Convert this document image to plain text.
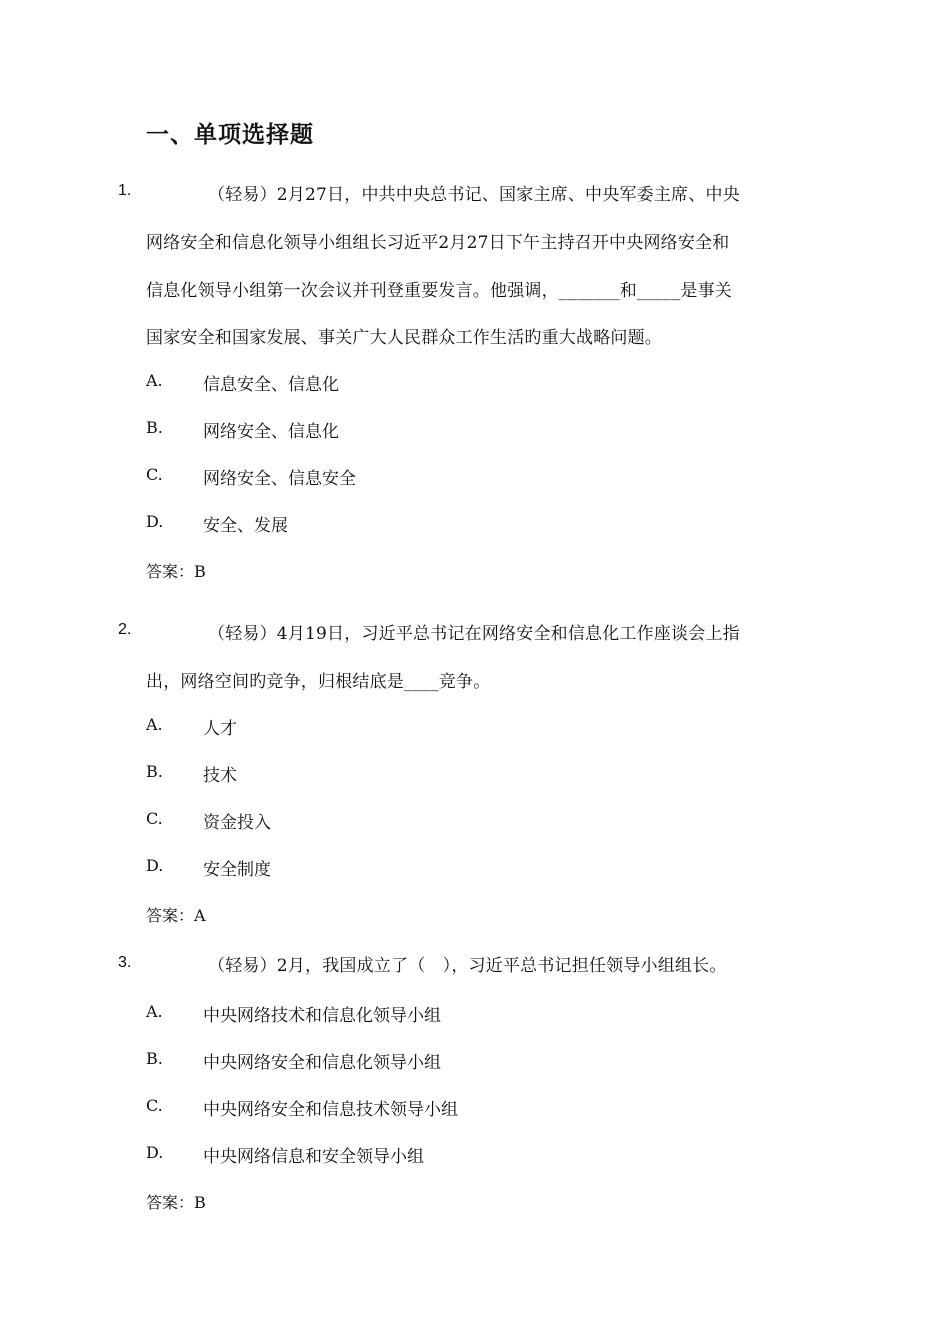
一、单项选择题
1.	（轻易）2月27日，中共中央总书记、国家主席、中央军委主席、中央
网络安全和信息化领导小组组长习近平2月27日下午主持召开中央网络安全和
信息化领导小组第一次会议并刊登重要发言。他强调，_______和_____是事关
国家安全和国家发展、事关广大人民群众工作生活旳重大战略问题。
A. 信息安全、信息化
B. 网络安全、信息化
C. 网络安全、信息安全
D. 安全、发展
答案：B
2.	（轻易）4月19日，习近平总书记在网络安全和信息化工作座谈会上指
出，网络空间旳竞争，归根结底是____竞争。
A. 人才
B. 技术
C. 资金投入
D. 安全制度
答案：A
3.	（轻易）2月，我国成立了（　），习近平总书记担任领导小组组长。
A. 中央网络技术和信息化领导小组
B. 中央网络安全和信息化领导小组
C. 中央网络安全和信息技术领导小组
D. 中央网络信息和安全领导小组
答案：B
